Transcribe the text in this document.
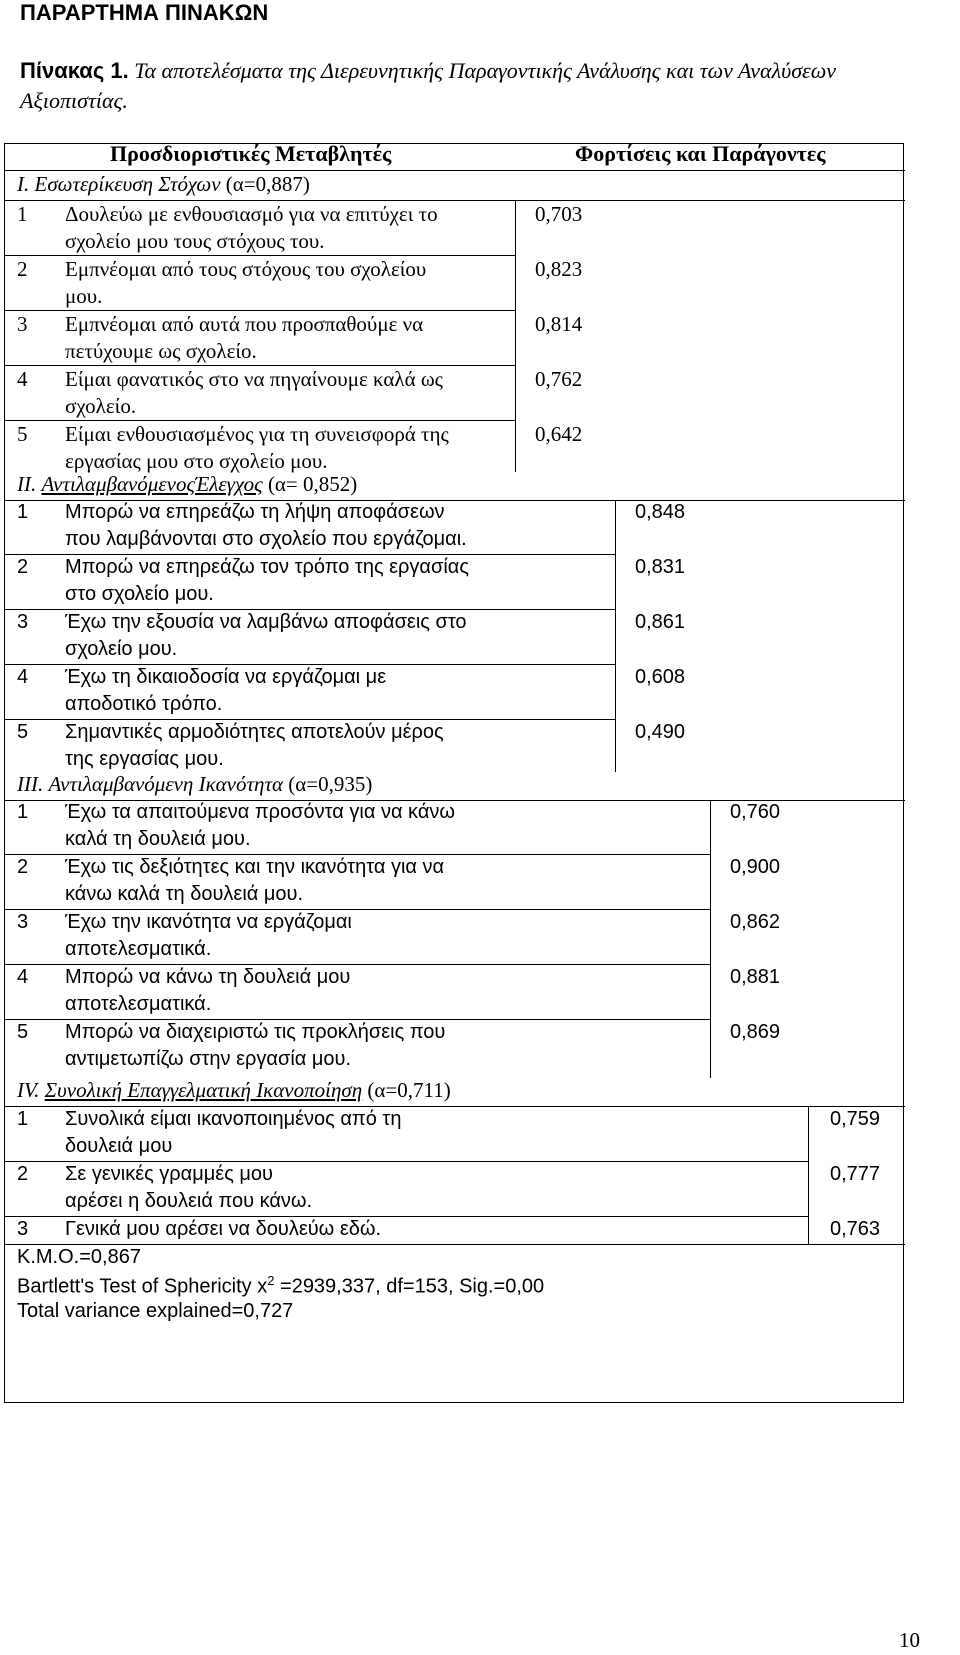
ΠΑΡΑΡΤΗΜΑ ΠΙΝΑΚΩΝ
Πίνακας 1. Τα αποτελέσματα της Διερευνητικής Παραγοντικής Ανάλυσης και των Αναλύσεων Αξιοπιστίας.
Προσδιοριστικές Μεταβλητές	Φορτίσεις και Παράγοντες
Ι. Εσωτερίκευση Στόχων (α=0,887)
1 Δουλεύω με ενθουσιασμό για να επιτύχει το
σχολείο μου τους στόχους του.
0,703
2 Εμπνέομαι από τους στόχους του σχολείου
μου.
0,823
3 Εμπνέομαι από αυτά που προσπαθούμε να
πετύχουμε ως σχολείο.
0,814
4 Είμαι φανατικός στο να πηγαίνουμε καλά ως
σχολείο.
0,762
5 Είμαι ενθουσιασμένος για τη συνεισφορά της
εργασίας μου στο σχολείο μου.
0,642
ΙΙ. ΑντιλαμβανόμενοςΈλεγχος (α= 0,852)
1 Μπορώ να επηρεάζω τη λήψη αποφάσεων
που λαμβάνονται στο σχολείο που εργάζομαι.
0,848
2 Μπορώ να επηρεάζω τον τρόπο της εργασίας
στο σχολείο μου.
0,831
3 Έχω την εξουσία να λαμβάνω αποφάσεις στο
σχολείο μου.
0,861
4 Έχω τη δικαιοδοσία να εργάζομαι με
αποδοτικό τρόπο.
0,608
5 Σημαντικές αρμοδιότητες αποτελούν μέρος
της εργασίας μου.
0,490
ΙΙΙ. Αντιλαμβανόμενη Ικανότητα (α=0,935)
1 Έχω τα απαιτούμενα προσόντα για να κάνω
καλά τη δουλειά μου.
0,760
2 Έχω τις δεξιότητες και την ικανότητα για να
κάνω καλά τη δουλειά μου.
0,900
3 Έχω την ικανότητα να εργάζομαι
αποτελεσματικά.
0,862
4 Μπορώ να κάνω τη δουλειά μου
αποτελεσματικά.
0,881
5 Μπορώ να διαχειριστώ τις προκλήσεις που
αντιμετωπίζω στην εργασία μου.
0,869
ΙV. Συνολική Επαγγελματική Ικανοποίηση (α=0,711)
1 Συνολικά είμαι ικανοποιημένος από τη
δουλειά μου
0,759
2 Σε γενικές γραμμές μου
αρέσει η δουλειά που κάνω.
0,777
3 Γενικά μου αρέσει να δουλεύω εδώ.	0,763
Κ.Μ.Ο.=0,867
Bartlett's Test of Sphericity $x^2 =2939,337$, df=153, Sig.=0,00
Total variance explained=0,727
10
